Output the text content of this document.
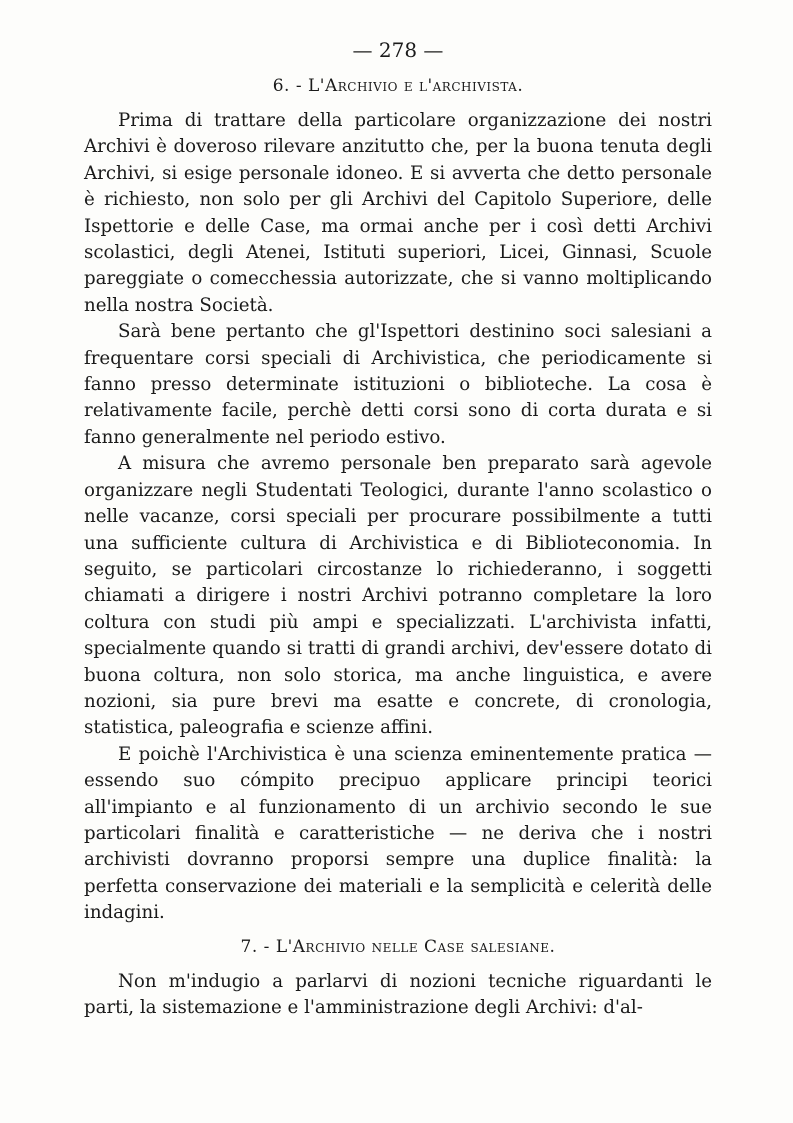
— 278 —
6. - L'Archivio e l'archivista.

Prima di trattare della particolare organizzazione dei nostri Archivi è doveroso rilevare anzitutto che, per la buona tenuta degli Archivi, si esige personale idoneo. E si avverta che detto personale è richiesto, non solo per gli Archivi del Capitolo Superiore, delle Ispettorie e delle Case, ma ormai anche per i così detti Archivi scolastici, degli Atenei, Istituti superiori, Licei, Ginnasi, Scuole pareggiate o comecchessia autorizzate, che si vanno moltiplicando nella nostra Società.

Sarà bene pertanto che gl'Ispettori destinino soci salesiani a frequentare corsi speciali di Archivistica, che periodicamente si fanno presso determinate istituzioni o biblioteche. La cosa è relativamente facile, perchè detti corsi sono di corta durata e si fanno generalmente nel periodo estivo.

A misura che avremo personale ben preparato sarà agevole organizzare negli Studentati Teologici, durante l'anno scolastico o nelle vacanze, corsi speciali per procurare possibilmente a tutti una sufficiente cultura di Archivistica e di Biblioteconomia. In seguito, se particolari circostanze lo richiederanno, i soggetti chiamati a dirigere i nostri Archivi potranno completare la loro coltura con studi più ampi e specializzati. L'archivista infatti, specialmente quando si tratti di grandi archivi, dev'essere dotato di buona coltura, non solo storica, ma anche linguistica, e avere nozioni, sia pure brevi ma esatte e concrete, di cronologia, statistica, paleografia e scienze affini.

E poichè l'Archivistica è una scienza eminentemente pratica — essendo suo cómpito precipuo applicare principi teorici all'impianto e al funzionamento di un archivio secondo le sue particolari finalità e caratteristiche — ne deriva che i nostri archivisti dovranno proporsi sempre una duplice finalità: la perfetta conservazione dei materiali e la semplicità e celerità delle indagini.

7. - L'Archivio nelle Case salesiane.

Non m'indugio a parlarvi di nozioni tecniche riguardanti le parti, la sistemazione e l'amministrazione degli Archivi: d'al-
